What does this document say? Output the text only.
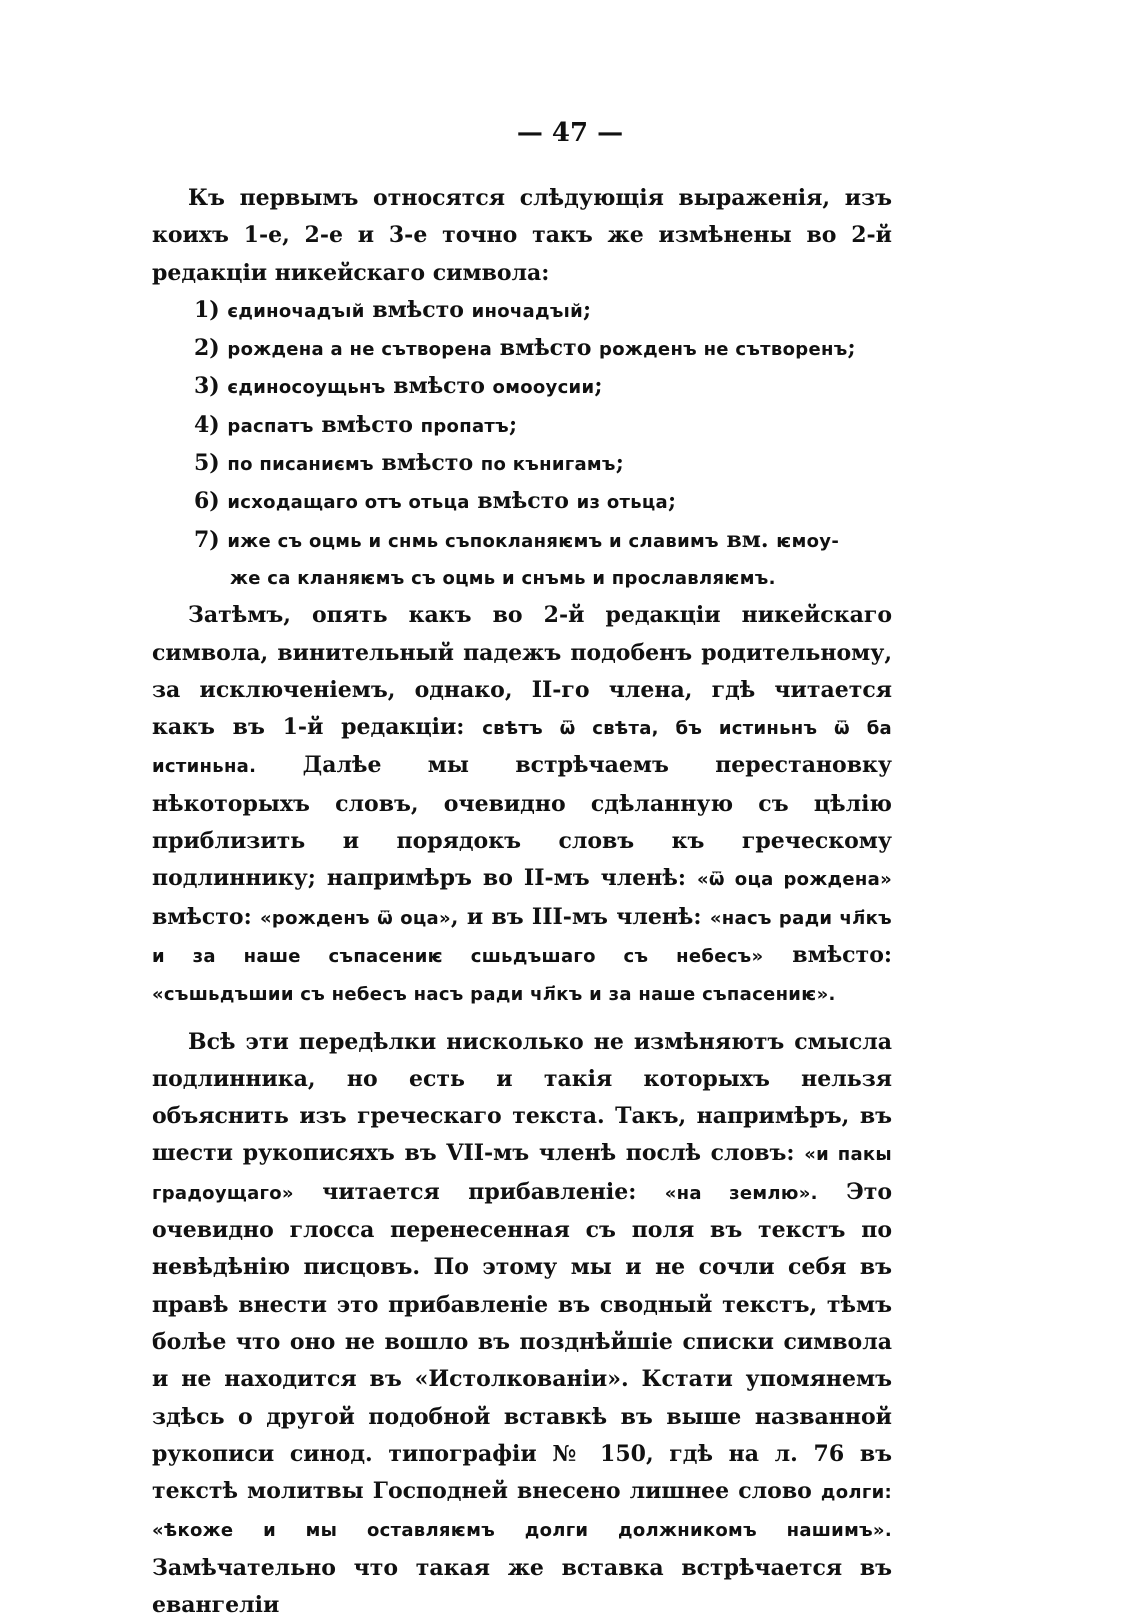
— 47 —

Къ первымъ относятся слѣдующія выраженія, изъ коихъ 1-е, 2-е и 3-е точно такъ же измѣнены во 2-й редакціи никейскаго символа:

1) єдиночадъıй вмѣсто иночадъıй;
2) рождена а не сътворена вмѣсто рожденъ не сътворенъ;
3) єдиносоущьнъ вмѣсто омооусии;
4) распатъ вмѣсто пропатъ;
5) по писаниємъ вмѣсто по кънигамъ;
6) исходащаго отъ отьца вмѣсто из отьца;
7) иже съ оцмь и снмь съпокланяѥмъ и славимъ вм. ѥмоу-
же са кланяѥмъ съ оцмь и снъмь и прославляѥмъ.

Затѣмъ, опять какъ во 2-й редакціи никейскаго символа, винительный падежъ подобенъ родительному, за исключеніемъ, однако, II-го члена, гдѣ читается какъ въ 1-й редакціи: свѣтъ ѿ свѣта, бъ истиньнъ ѿ ба истиньна. Далѣе мы встрѣчаемъ перестановку нѣкоторыхъ словъ, очевидно сдѣланную съ цѣлію приблизить и порядокъ словъ къ греческому подлиннику; напримѣръ во II-мъ членѣ: «ѿ оца рождена» вмѣсто: «рожденъ ѿ оца», и въ III-мъ членѣ: «насъ ради чл҃къ и за наше съпасениѥ сшьдъшаго съ небесъ» вмѣсто: «съшьдъшии съ небесъ насъ ради чл҃къ и за наше съпасениѥ».

Всѣ эти передѣлки нисколько не измѣняютъ смысла подлинника, но есть и такія которыхъ нельзя объяснить изъ греческаго текста. Такъ, напримѣръ, въ шести рукописяхъ въ VII-мъ членѣ послѣ словъ: «и пакы градоущаго» читается прибавленіе: «на землю». Это очевидно глосса перенесенная съ поля въ текстъ по невѣдѣнію писцовъ. По этому мы и не сочли себя въ правѣ внести это прибавленіе въ сводный текстъ, тѣмъ болѣе что оно не вошло въ позднѣйшіе списки символа и не находится въ «Истолкованіи». Кстати упомянемъ здѣсь о другой подобной вставкѣ въ выше названной рукописи синод. типографіи № 150, гдѣ на л. 76 въ текстѣ молитвы Господней внесено лишнее слово долги: «ѣкоже и мы оставляѥмъ долги должникомъ нашимъ». Замѣчательно что такая же вставка встрѣчается въ евангеліи
